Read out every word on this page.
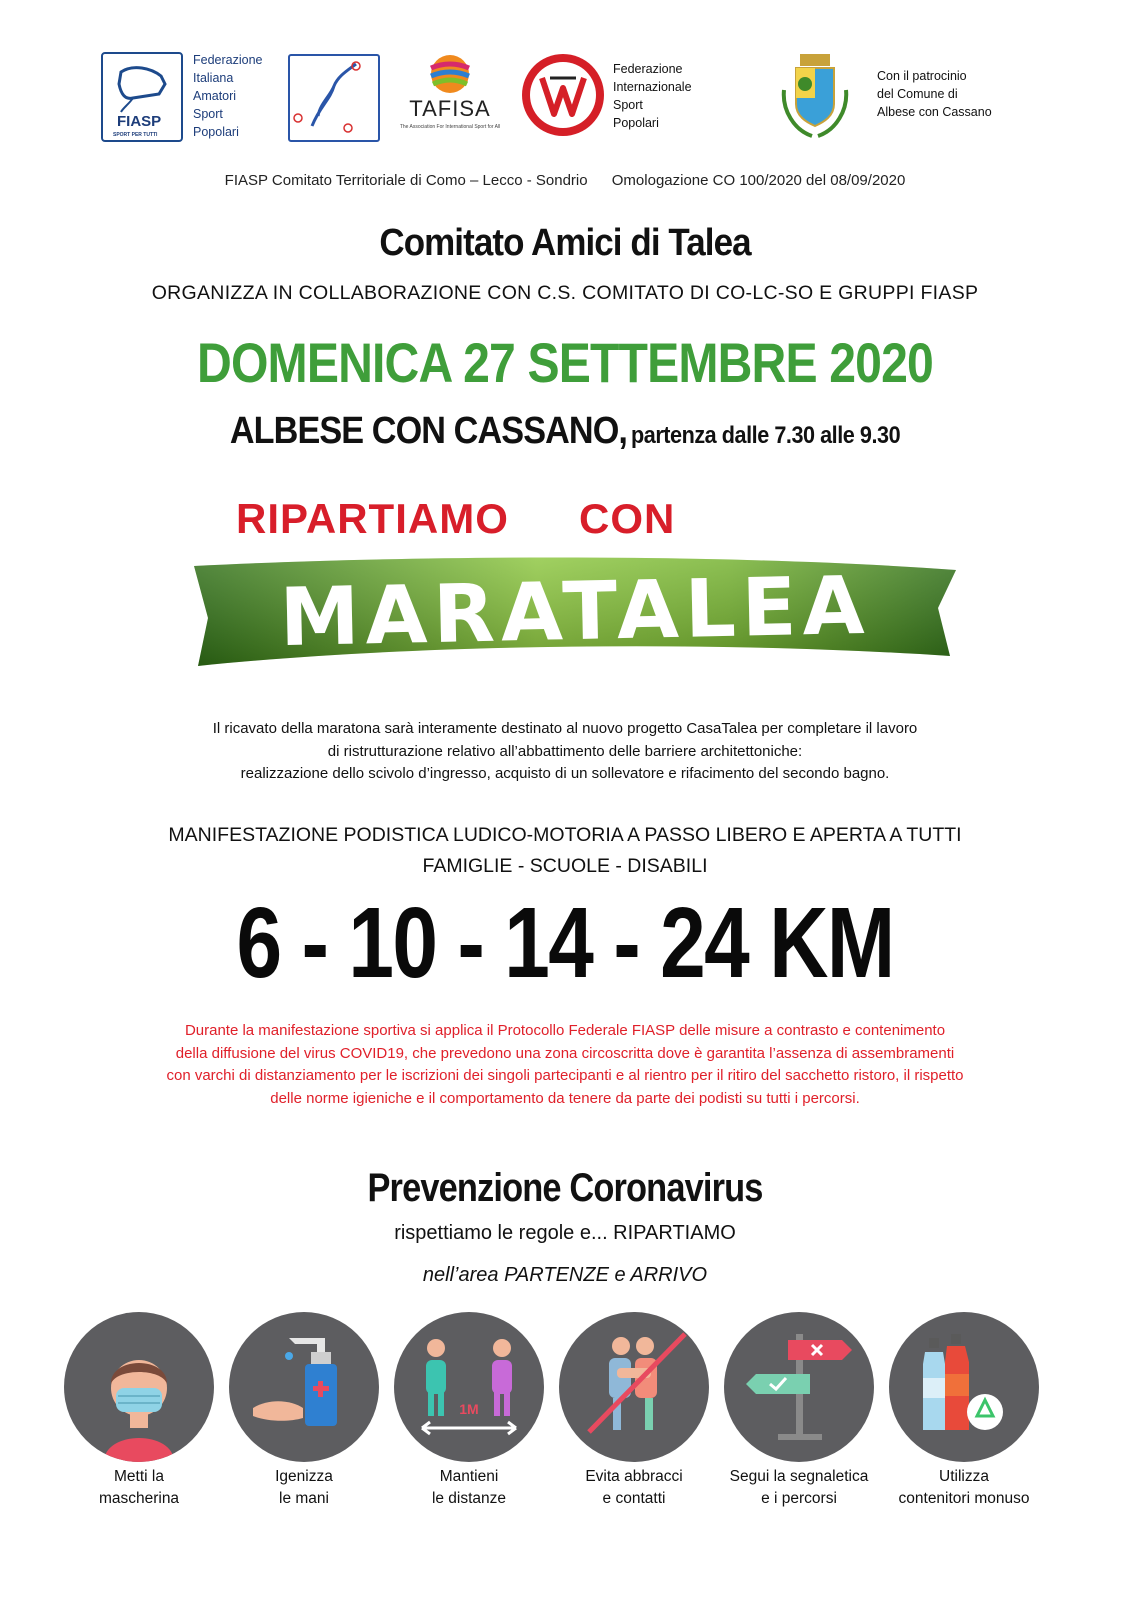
FIASP
SPORT PER TUTTI
Federazione
Italiana
Amatori
Sport
Popolari
TAFISA
The Association For International Sport for All
Federazione
Internazionale
Sport
Popolari
Con il patrocinio
del Comune di
Albese con Cassano
FIASP Comitato Territoriale di Como – Lecco - Sondrio Omologazione CO 100/2020 del 08/09/2020
Comitato Amici di Talea
ORGANIZZA IN COLLABORAZIONE CON C.S. COMITATO DI CO-LC-SO E GRUPPI FIASP
DOMENICA 27 SETTEMBRE 2020
ALBESE CON CASSANO, partenza dalle 7.30 alle 9.30
RIPARTIAMO CON
MARATALEA
Il ricavato della maratona sarà interamente destinato al nuovo progetto CasaTalea per completare il lavoro
di ristrutturazione relativo all’abbattimento delle barriere architettoniche:
realizzazione dello scivolo d’ingresso, acquisto di un sollevatore e rifacimento del secondo bagno.
MANIFESTAZIONE PODISTICA LUDICO-MOTORIA A PASSO LIBERO E APERTA A TUTTI
FAMIGLIE - SCUOLE - DISABILI
6 - 10 - 14 - 24 KM
Durante la manifestazione sportiva si applica il Protocollo Federale FIASP delle misure a contrasto e contenimento
della diffusione del virus COVID19, che prevedono una zona circoscritta dove è garantita l’assenza di assembramenti
con varchi di distanziamento per le iscrizioni dei singoli partecipanti e al rientro per il ritiro del sacchetto ristoro, il rispetto
delle norme igieniche e il comportamento da tenere da parte dei podisti su tutti i percorsi.
Prevenzione Coronavirus
rispettiamo le regole e... RIPARTIAMO
nell’area PARTENZE e ARRIVO
1M
Metti la
mascherina
Igenizza
le mani
Mantieni
le distanze
Evita abbracci
e contatti
Segui la segnaletica
e i percorsi
Utilizza
contenitori monuso
